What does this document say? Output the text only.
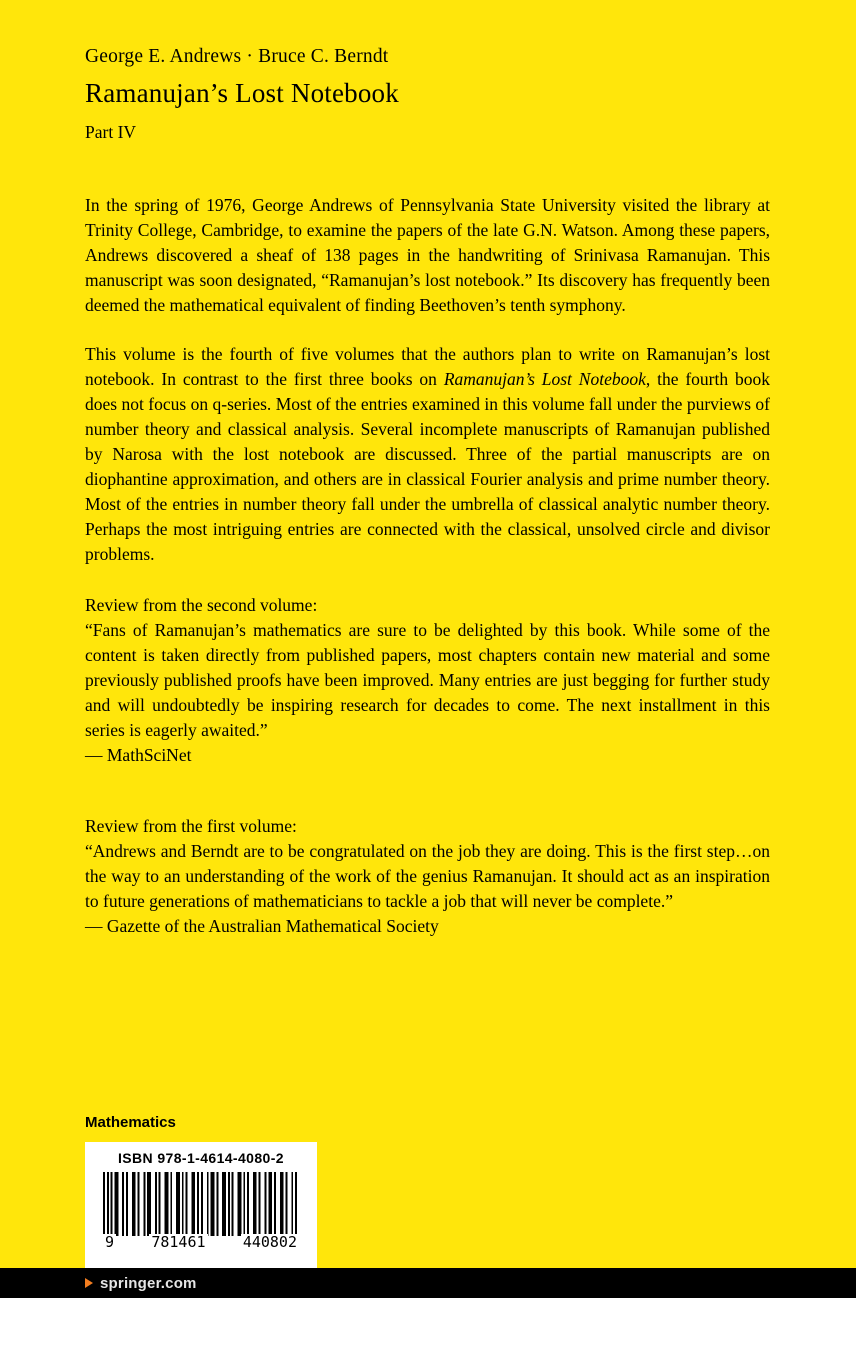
George E. Andrews · Bruce C. Berndt
Ramanujan’s Lost Notebook
Part IV

In the spring of 1976, George Andrews of Pennsylvania State University visited the library at Trinity College, Cambridge, to examine the papers of the late G.N. Watson. Among these papers, Andrews discovered a sheaf of 138 pages in the handwriting of Srinivasa Ramanujan. This manuscript was soon designated, “Ramanujan’s lost notebook.” Its discovery has frequently been deemed the mathematical equivalent of finding Beethoven’s tenth symphony.

This volume is the fourth of five volumes that the authors plan to write on Ramanujan’s lost notebook. In contrast to the first three books on Ramanujan’s Lost Notebook, the fourth book does not focus on q-series. Most of the entries examined in this volume fall under the purviews of number theory and classical analysis. Several incomplete manuscripts of Ramanujan published by Narosa with the lost notebook are discussed. Three of the partial manuscripts are on diophantine approximation, and others are in classical Fourier analysis and prime number theory. Most of the entries in number theory fall under the umbrella of classical analytic number theory. Perhaps the most intriguing entries are connected with the classical, unsolved circle and divisor problems.

Review from the second volume:
“Fans of Ramanujan’s mathematics are sure to be delighted by this book. While some of the content is taken directly from published papers, most chapters contain new material and some previously published proofs have been improved. Many entries are just begging for further study and will undoubtedly be inspiring research for decades to come. The next installment in this series is eagerly awaited.”
— MathSciNet
Review from the first volume:
“Andrews and Berndt are to be congratulated on the job they are doing. This is the first step…on the way to an understanding of the work of the genius Ramanujan. It should act as an inspiration to future generations of mathematicians to tackle a job that will never be complete.”
— Gazette of the Australian Mathematical Society
Mathematics
ISBN 978-1-4614-4080-2
9 781461 440802
springer.com
